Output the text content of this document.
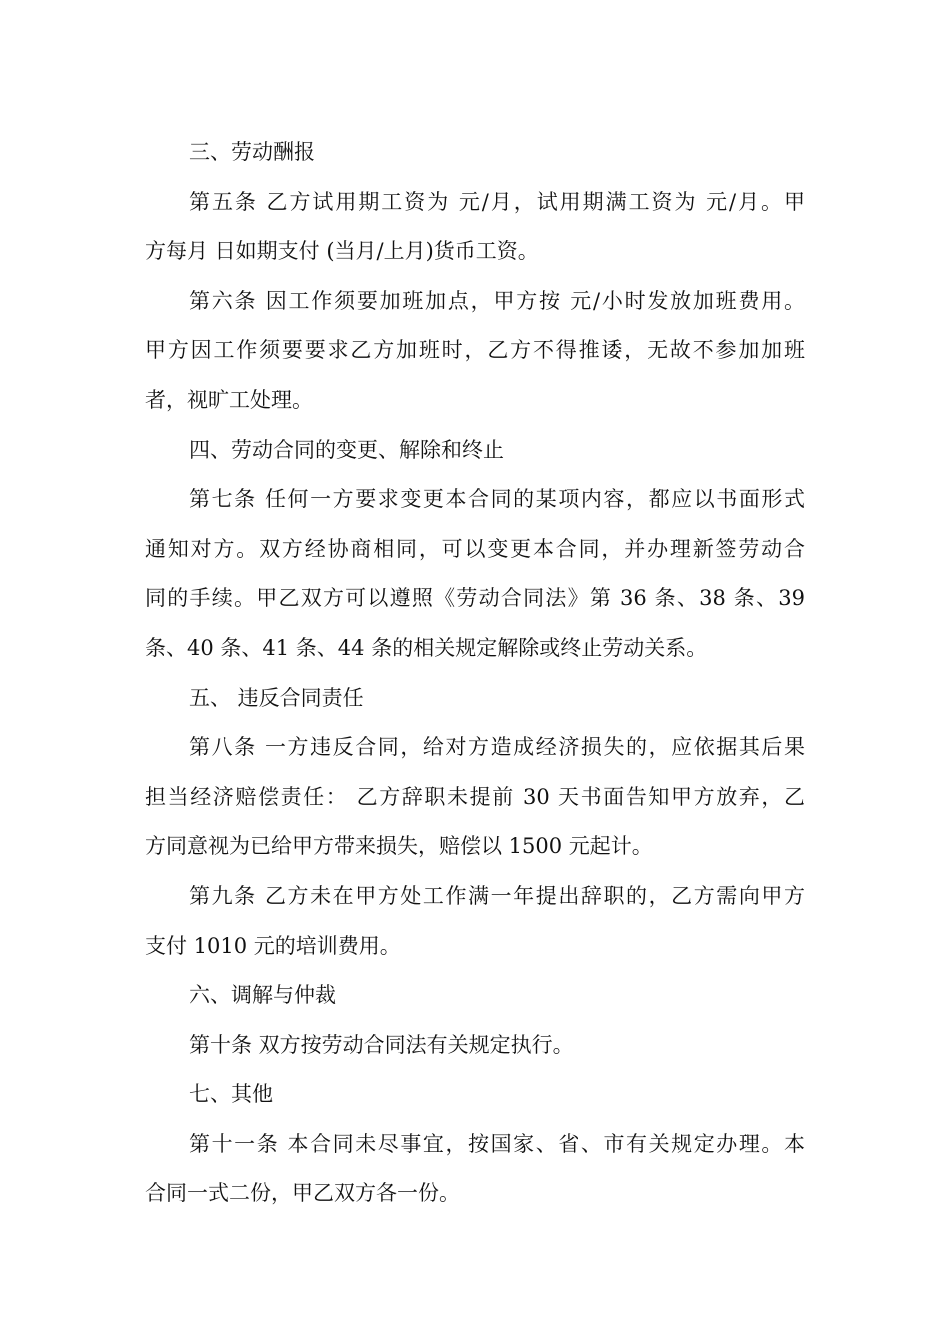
三、劳动酬报
第五条 乙方试用期工资为 元/月，试用期满工资为 元/月。甲
方每月 日如期支付 (当月/上月)货币工资。
第六条 因工作须要加班加点，甲方按 元/小时发放加班费用。
甲方因工作须要要求乙方加班时，乙方不得推诿，无故不参加加班
者，视旷工处理。
四、劳动合同的变更、解除和终止
第七条 任何一方要求变更本合同的某项内容，都应以书面形式
通知对方。双方经协商相同，可以变更本合同，并办理新签劳动合
同的手续。甲乙双方可以遵照《劳动合同法》第 36 条、38 条、39
条、40 条、41 条、44 条的相关规定解除或终止劳动关系。
五、 违反合同责任
第八条 一方违反合同，给对方造成经济损失的，应依据其后果
担当经济赔偿责任： 乙方辞职未提前 30 天书面告知甲方放弃，乙
方同意视为已给甲方带来损失，赔偿以 1500 元起计。
第九条 乙方未在甲方处工作满一年提出辞职的，乙方需向甲方
支付 1010 元的培训费用。
六、调解与仲裁
第十条 双方按劳动合同法有关规定执行。
七、其他
第十一条 本合同未尽事宜，按国家、省、市有关规定办理。本
合同一式二份，甲乙双方各一份。
